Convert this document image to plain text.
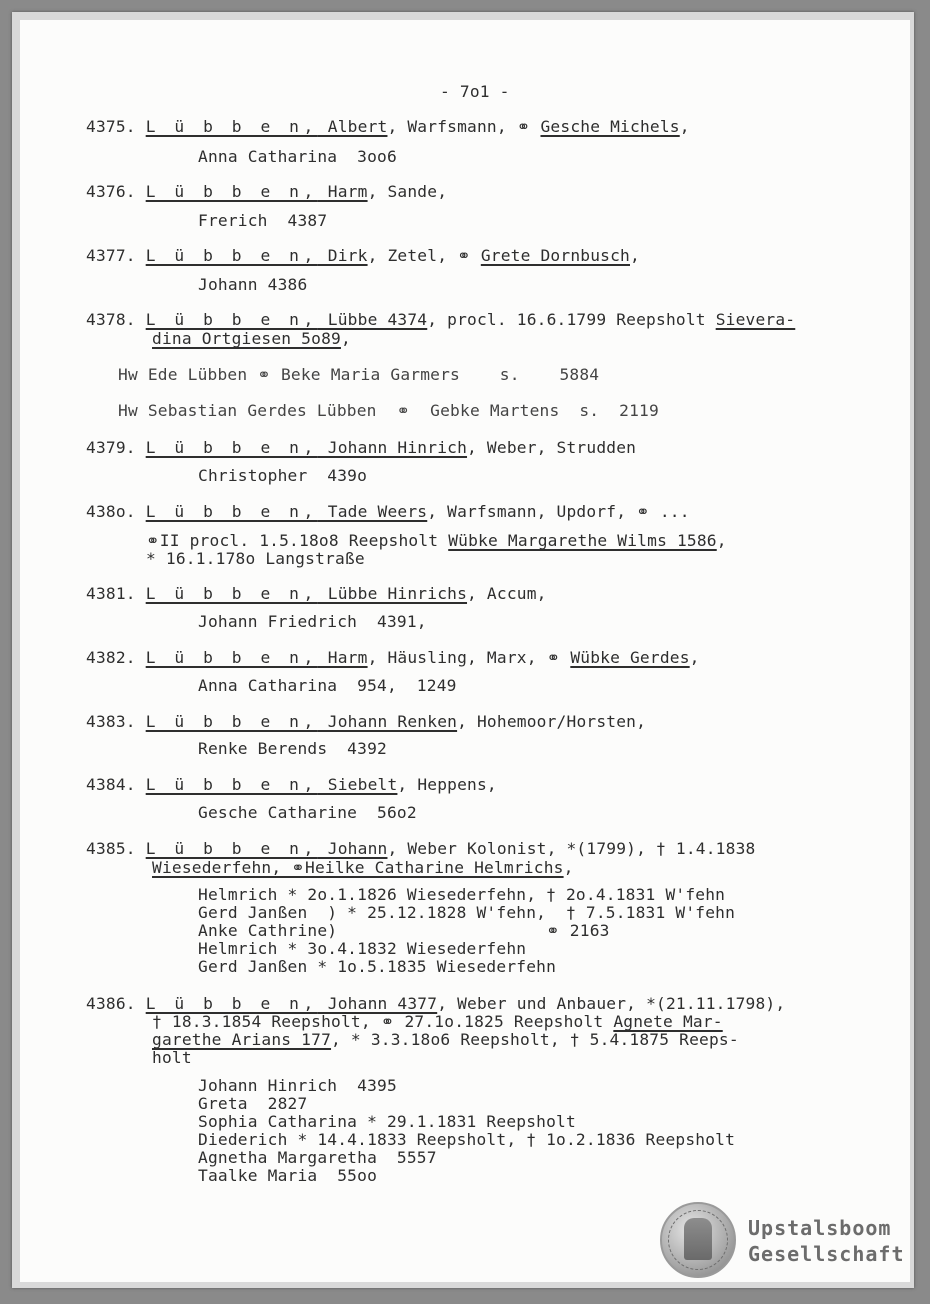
- 7o1 -
4375. L ü b b e n, Albert, Warfsmann, ⚭ Gesche Michels,
Anna Catharina  3oo6
4376. L ü b b e n, Harm, Sande,
Frerich  4387
4377. L ü b b e n, Dirk, Zetel, ⚭ Grete Dornbusch,
Johann 4386
4378. L ü b b e n, Lübbe 4374, procl. 16.6.1799 Reepsholt Sievera-
dina Ortgiesen 5o89,
Hw Ede Lübben ⚭ Beke Maria Garmers    s.    5884
Hw Sebastian Gerdes Lübben  ⚭  Gebke Martens  s.  2119
4379. L ü b b e n, Johann Hinrich, Weber, Strudden
Christopher  439o
438o. L ü b b e n, Tade Weers, Warfsmann, Updorf, ⚭ ...
⚭II procl. 1.5.18o8 Reepsholt Wübke Margarethe Wilms 1586,
* 16.1.178o Langstraße
4381. L ü b b e n, Lübbe Hinrichs, Accum,
Johann Friedrich  4391,
4382. L ü b b e n, Harm, Häusling, Marx, ⚭ Wübke Gerdes,
Anna Catharina  954,  1249
4383. L ü b b e n, Johann Renken, Hohemoor/Horsten,
Renke Berends  4392
4384. L ü b b e n, Siebelt, Heppens,
Gesche Catharine  56o2
4385. L ü b b e n, Johann, Weber Kolonist, *(1799), † 1.4.1838
Wiesederfehn, ⚭Heilke Catharine Helmrichs,
Helmrich * 2o.1.1826 Wiesederfehn, † 2o.4.1831 W'fehn
Gerd Janßen  ) * 25.12.1828 W'fehn,  † 7.5.1831 W'fehn
Anke Cathrine)                     ⚭ 2163
Helmrich * 3o.4.1832 Wiesederfehn
Gerd Janßen * 1o.5.1835 Wiesederfehn
4386. L ü b b e n, Johann 4377, Weber und Anbauer, *(21.11.1798),
† 18.3.1854 Reepsholt, ⚭ 27.1o.1825 Reepsholt Agnete Mar-
garethe Arians 177, * 3.3.18o6 Reepsholt, † 5.4.1875 Reeps-
holt
Johann Hinrich  4395
Greta  2827
Sophia Catharina * 29.1.1831 Reepsholt
Diederich * 14.4.1833 Reepsholt, † 1o.2.1836 Reepsholt
Agnetha Margaretha  5557
Taalke Maria  55oo
Upstalsboom
Gesellschaft
